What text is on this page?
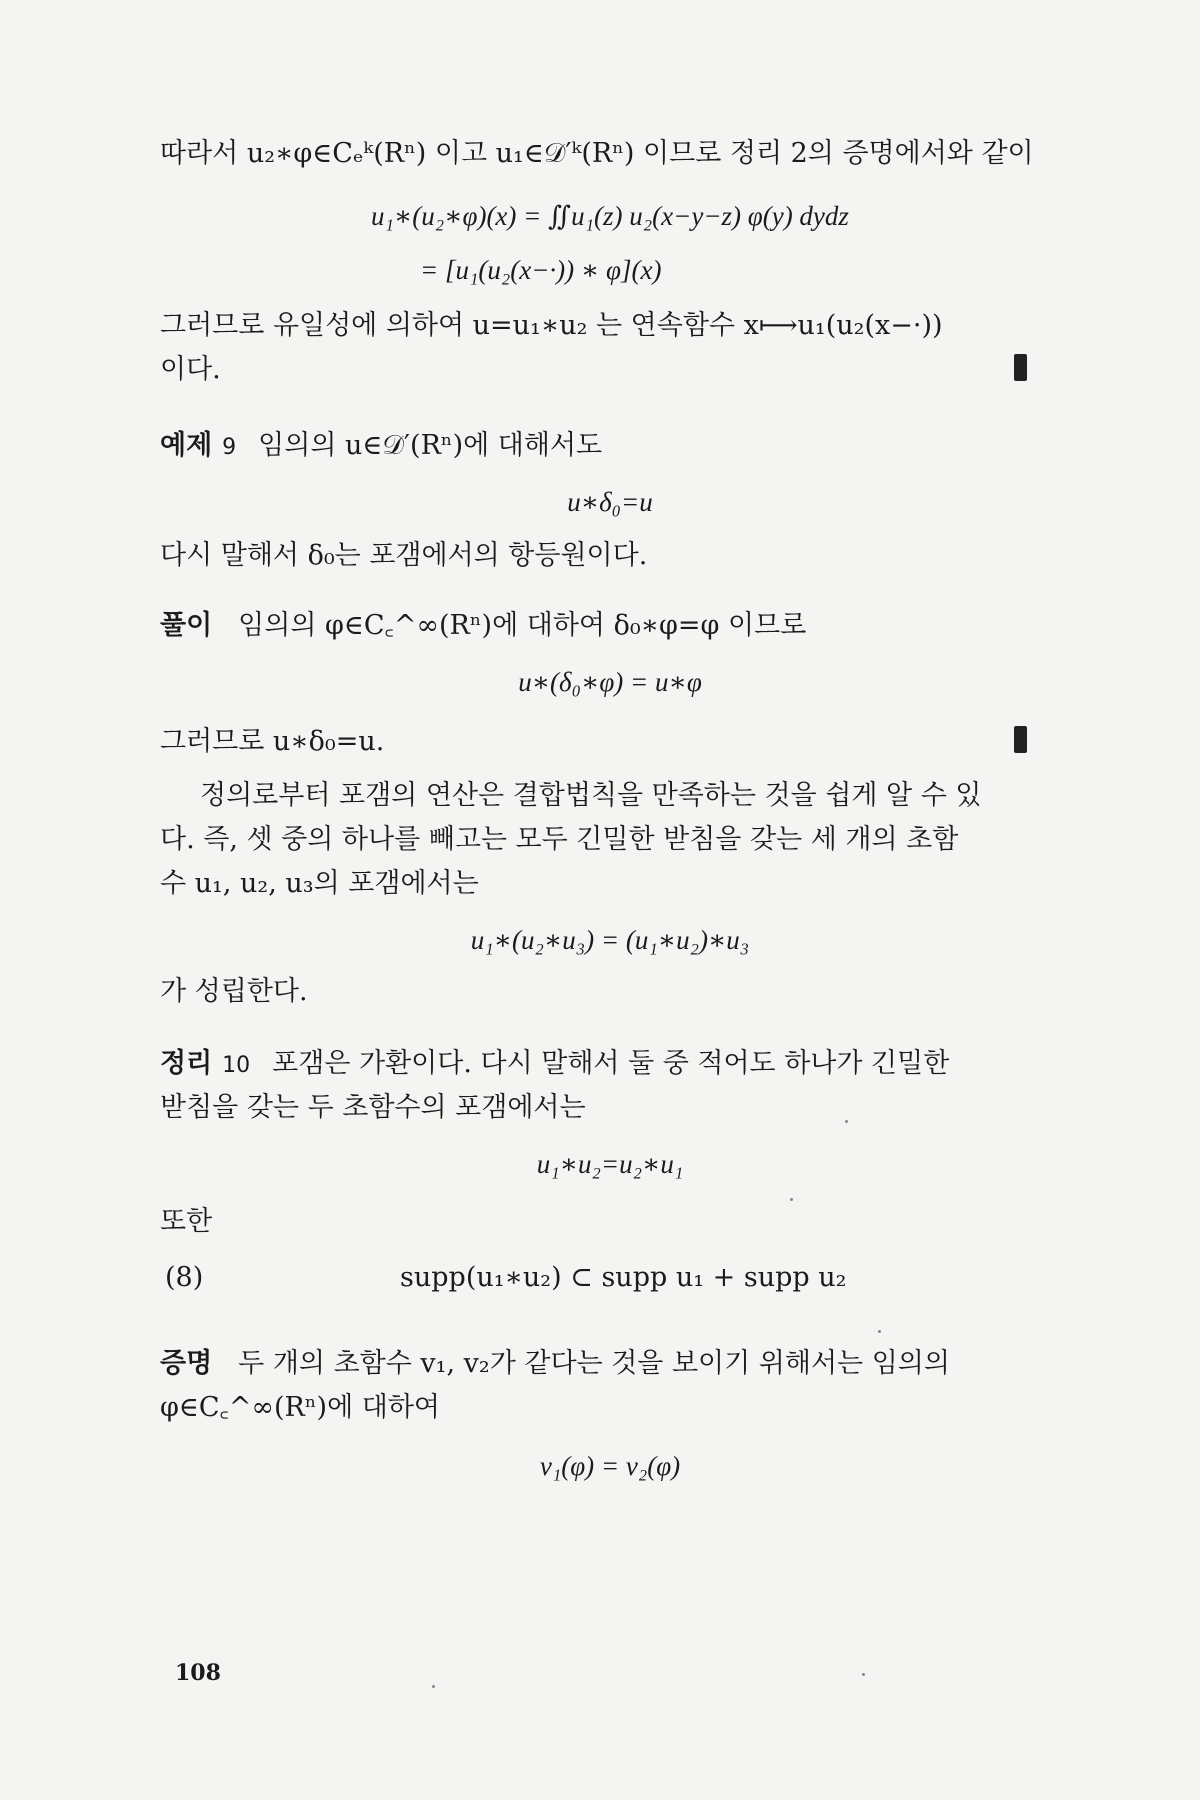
따라서 u₂∗φ∈Cₑᵏ(Rⁿ) 이고 u₁∈𝒟′ᵏ(Rⁿ) 이므로 정리 2의 증명에서와 같이
u₁∗(u₂∗φ)(x) = ∬u₁(z) u₂(x−y−z) φ(y) dydz
= [u₁(u₂(x−·)) ∗ φ](x)
그러므로 유일성에 의하여 u=u₁∗u₂ 는 연속함수 x⟼u₁(u₂(x−·))
이다.
예제 9 임의의 u∈𝒟′(Rⁿ)에 대해서도
u∗δ₀=u
다시 말해서 δ₀는 포갬에서의 항등원이다.
풀이 임의의 φ∈C꜀^∞(Rⁿ)에 대하여 δ₀∗φ=φ 이므로
u∗(δ₀∗φ) = u∗φ
그러므로 u∗δ₀=u.
정의로부터 포갬의 연산은 결합법칙을 만족하는 것을 쉽게 알 수 있
다. 즉, 셋 중의 하나를 빼고는 모두 긴밀한 받침을 갖는 세 개의 초함
수 u₁, u₂, u₃의 포갬에서는
u₁∗(u₂∗u₃) = (u₁∗u₂)∗u₃
가 성립한다.
정리 10 포갬은 가환이다. 다시 말해서 둘 중 적어도 하나가 긴밀한
받침을 갖는 두 초함수의 포갬에서는
u₁∗u₂=u₂∗u₁
또한
(8)	supp(u₁∗u₂) ⊂ supp u₁ + supp u₂
증명 두 개의 초함수 v₁, v₂가 같다는 것을 보이기 위해서는 임의의
φ∈C꜀^∞(Rⁿ)에 대하여
v₁(φ) = v₂(φ)
108
